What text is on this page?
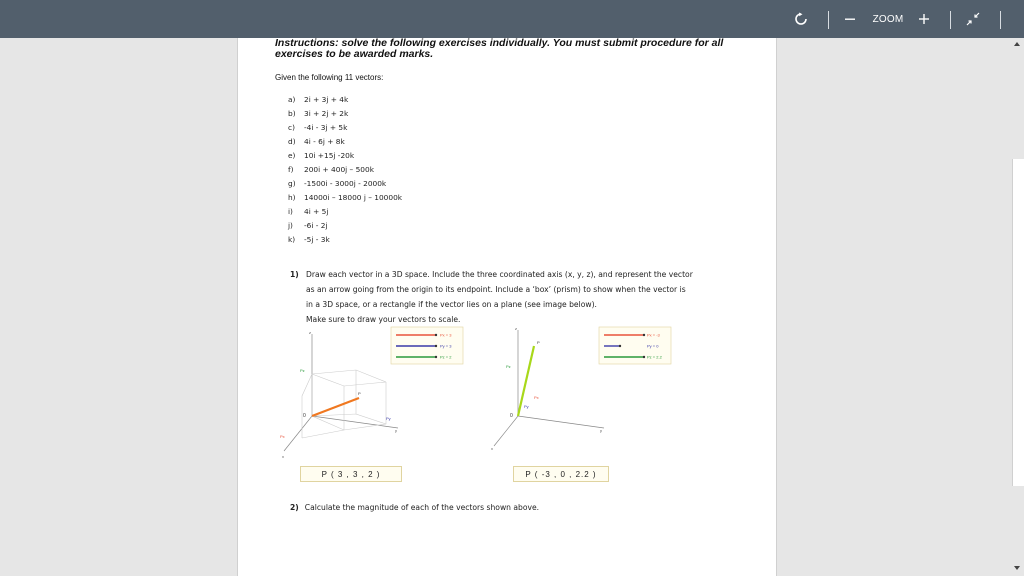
ZOOM
Instructions: solve the following exercises individually. You must submit procedure for all
exercises to be awarded marks.
Given the following 11 vectors:
a) 2i + 3j + 4k
b) 3i + 2j + 2k
c) -4i - 3j + 5k
d) 4i - 6j + 8k
e) 10i +15j -20k
f) 200i + 400j – 500k
g) -1500i - 3000j - 2000k
h) 14000i – 18000 j – 10000k
i) 4i + 5j
j) -6i - 2j
k) -5j - 3k
1) Draw each vector in a 3D space. Include the three coordinated axis (x, y, z), and represent the vector
as an arrow going from the origin to its endpoint. Include a ‘box’ (prism) to show when the vector is
in a 3D space, or a rectangle if the vector lies on a plane (see image below).
Make sure to draw your vectors to scale.
z
y
x
0
P
Pz
Py
Px
Px = 3
Py = 3
Pz = 2
P ( 3 , 3 , 2 )
z
y
x
0
P
Pz
Px
Py
Px = -3
Py = 0
Pz = 2.2
P ( -3 , 0 , 2.2 )
2) Calculate the magnitude of each of the vectors shown above.
